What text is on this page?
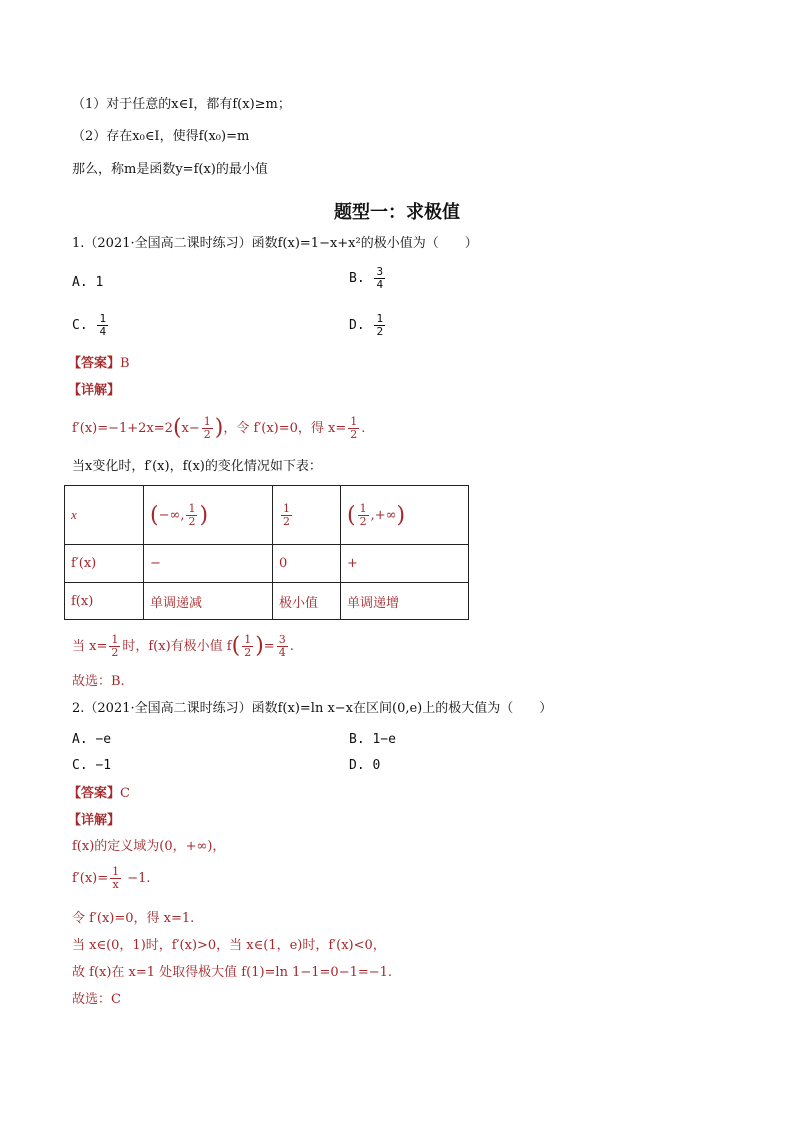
（1）对于任意的x∈I，都有f(x)≥m；
（2）存在x₀∈I，使得f(x₀)=m
那么，称m是函数y=f(x)的最小值
题型一：求极值
1.（2021·全国高二课时练习）函数f(x)=1−x+x²的极小值为（　　）
A. 1	B. $\frac{3}{4}$
C. $\frac{1}{4}$	D. $\frac{1}{2}$
【答案】B
【详解】
$f'(x)=-1+2x=2(x- \frac{1}{2}$ )，令 f′(x)=0，得 $x= \frac{1}{2}$ .
当x变化时，f′(x)，f(x)的变化情况如下表：
x	(−∞, $\frac{1}{2}$ )	$\frac{1}{2}$	( $\frac{1}{2}$ ,+∞)
f′(x)	−	0	+
f(x)	单调递减	极小值	单调递增
当 $x= \frac{1}{2}$ 时，f(x)有极小值 $f( \frac{1}{2}$ )= $\frac{3}{4}$ .
故选：B.
2.（2021·全国高二课时练习）函数f(x)=ln x−x在区间(0,e)上的极大值为（　　）
A. −e	B. 1−e
C. −1	D. 0
【答案】C
【详解】
f(x)的定义域为(0，+∞)，
$f'(x)= \frac{1}{x} -1$.
令 f′(x)=0，得 x=1.
当 x∈(0，1)时，f′(x)>0，当 x∈(1，e)时，f′(x)<0，
故 f(x)在 x=1 处取得极大值 f(1)=ln 1−1=0−1=−1.
故选：C
